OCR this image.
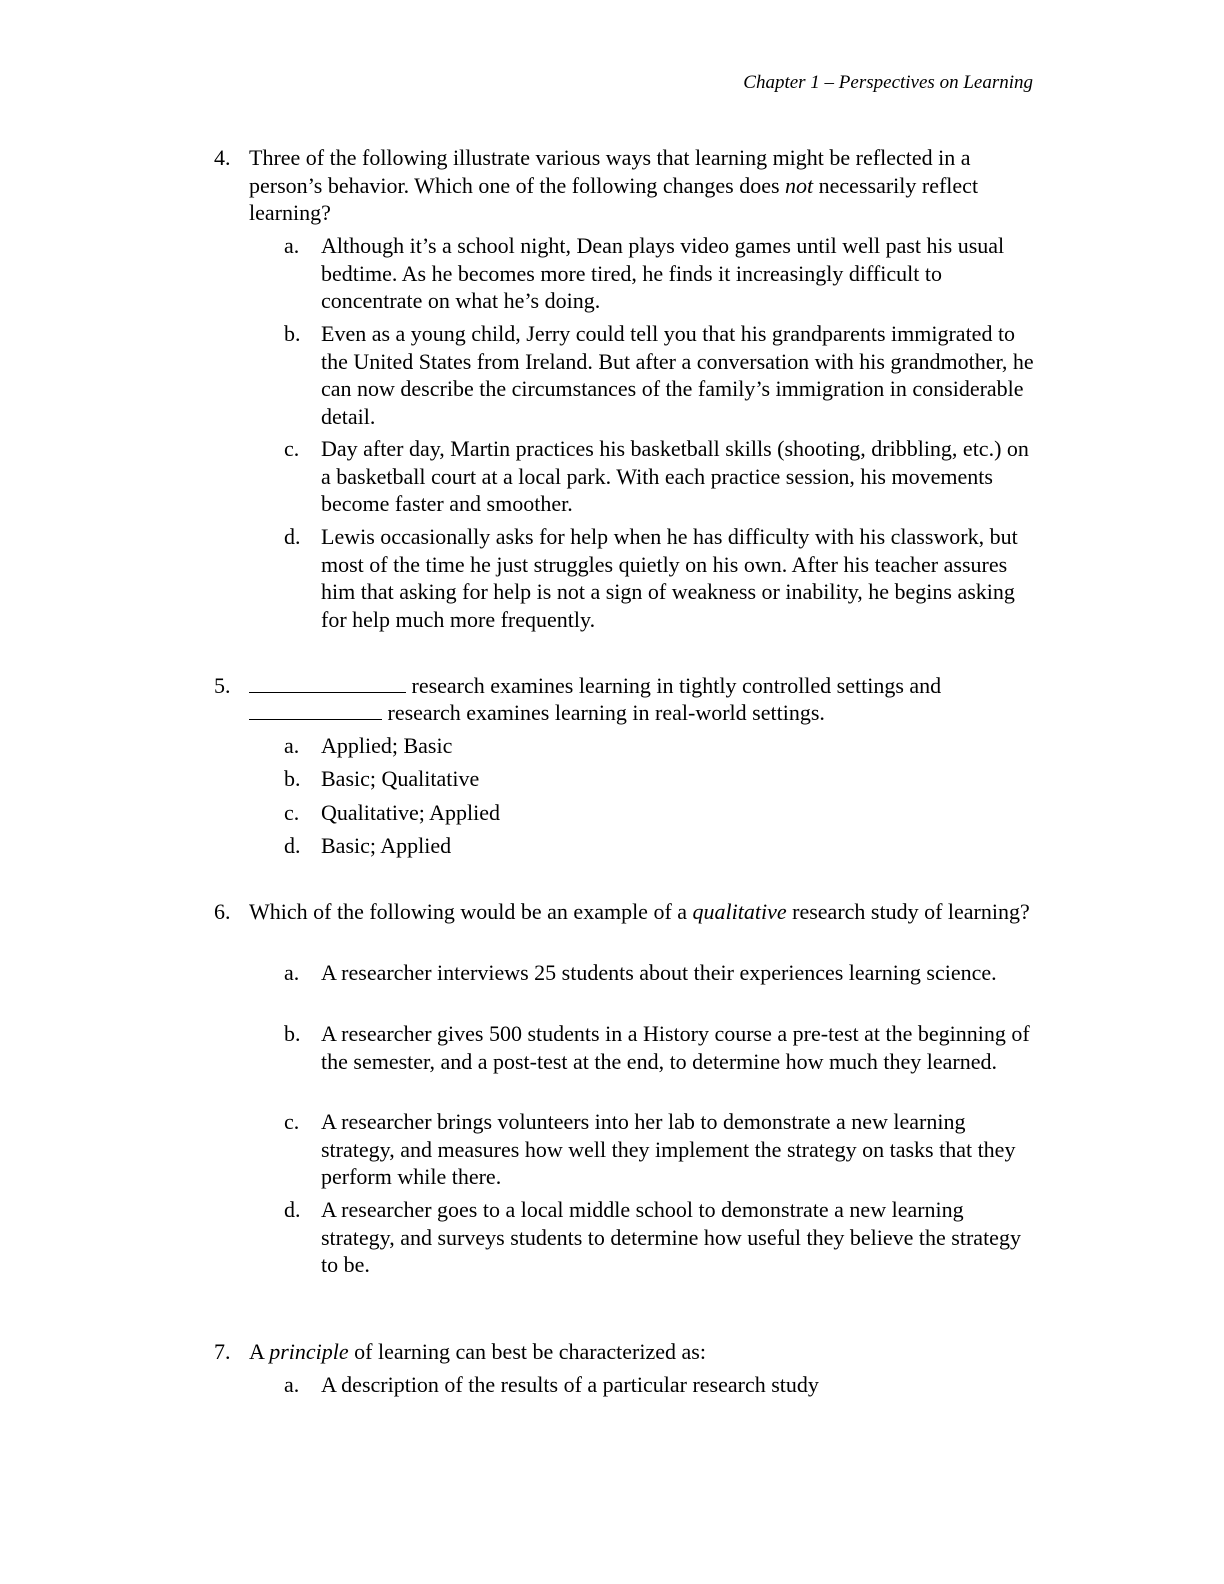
Chapter 1 – Perspectives on Learning
4. Three of the following illustrate various ways that learning might be reflected in a person’s behavior. Which one of the following changes does not necessarily reflect learning?
a. Although it’s a school night, Dean plays video games until well past his usual bedtime. As he becomes more tired, he finds it increasingly difficult to concentrate on what he’s doing.
b. Even as a young child, Jerry could tell you that his grandparents immigrated to the United States from Ireland. But after a conversation with his grandmother, he can now describe the circumstances of the family’s immigration in considerable detail.
c. Day after day, Martin practices his basketball skills (shooting, dribbling, etc.) on a basketball court at a local park. With each practice session, his movements become faster and smoother.
d. Lewis occasionally asks for help when he has difficulty with his classwork, but most of the time he just struggles quietly on his own. After his teacher assures him that asking for help is not a sign of weakness or inability, he begins asking for help much more frequently.
5.	research examines learning in tightly controlled settings and
research examines learning in real-world settings.
a. Applied; Basic
b. Basic; Qualitative
c. Qualitative; Applied
d. Basic; Applied
6. Which of the following would be an example of a qualitative research study of learning?
a. A researcher interviews 25 students about their experiences learning science.
b. A researcher gives 500 students in a History course a pre-test at the beginning of the semester, and a post-test at the end, to determine how much they learned.
c. A researcher brings volunteers into her lab to demonstrate a new learning strategy, and measures how well they implement the strategy on tasks that they perform while there.
d. A researcher goes to a local middle school to demonstrate a new learning strategy, and surveys students to determine how useful they believe the strategy to be.
7. A principle of learning can best be characterized as:
a. A description of the results of a particular research study
